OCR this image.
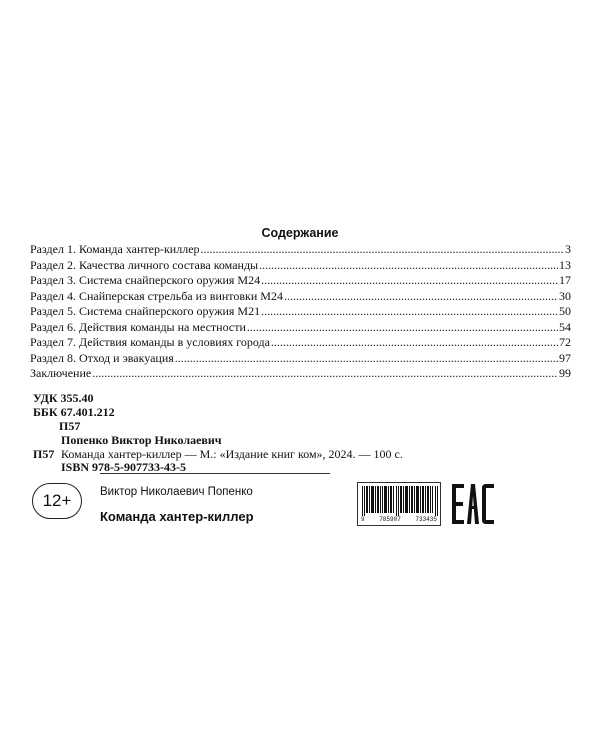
Содержание
Раздел 1. Команда хантер-киллер .....	3
Раздел 2. Качества личного состава команды .....	13
Раздел 3. Система снайперского оружия М24 .....	17
Раздел 4. Снайперская стрельба из винтовки М24 .....	30
Раздел 5. Система снайперского оружия М21 .....	50
Раздел 6. Действия команды на местности .....	54
Раздел 7. Действия команды в условиях города .....	72
Раздел 8. Отход и эвакуация .....	97
Заключение .....	99
УДК 355.40
ББК 67.401.212
П57
Попенко Виктор Николаевич
П57 Команда хантер-киллер — М.: «Издание книг ком», 2024. — 100 с.
ISBN 978-5-907733-43-5
12+	Виктор Николаевич Попенко
Команда хантер-киллер	9 785907 733435
